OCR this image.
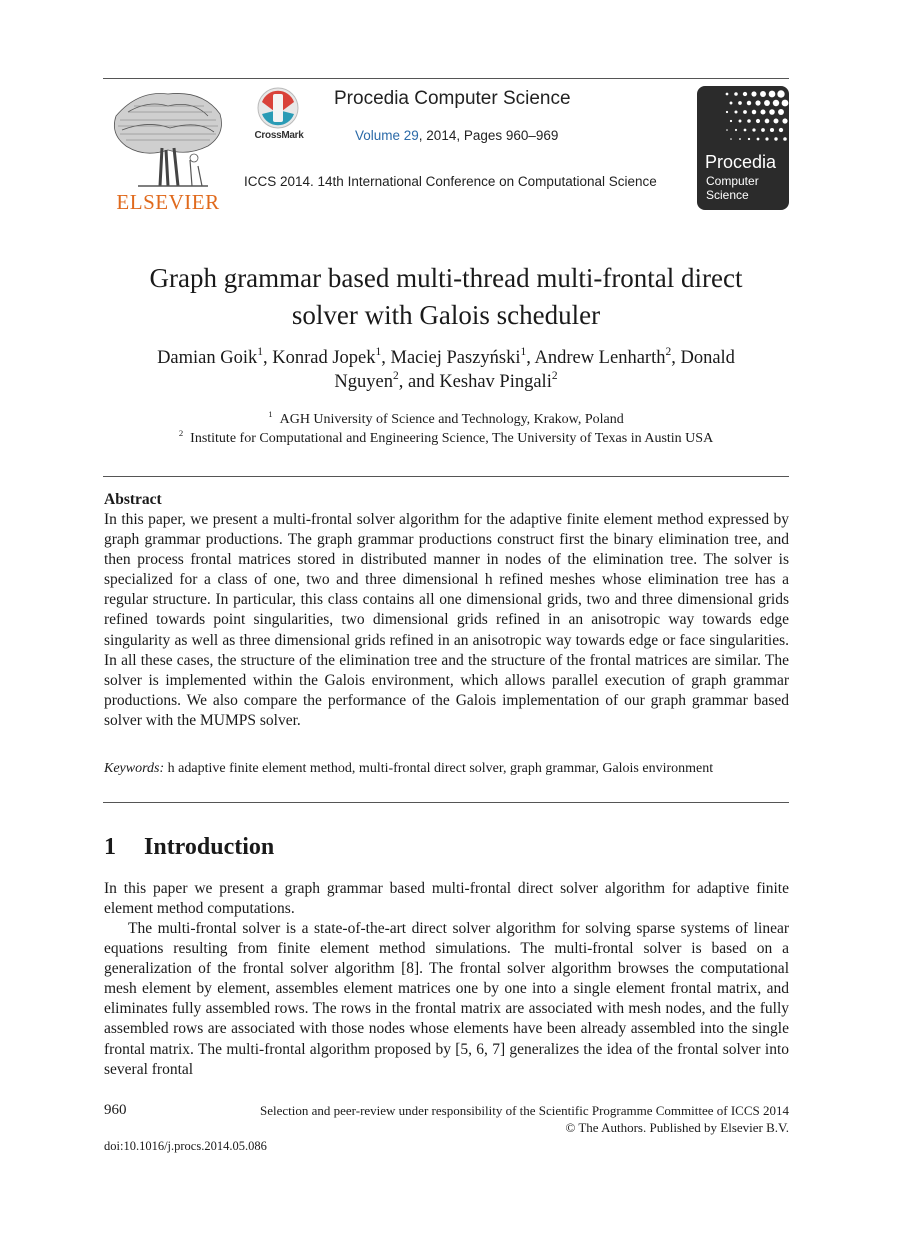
ELSEVIER
CrossMark
Procedia Computer Science
Volume 29, 2014, Pages 960–969
ICCS 2014. 14th International Conference on Computational Science
Procedia
Computer
Science
Graph grammar based multi-thread multi-frontal direct
solver with Galois scheduler
Damian Goik$^1$, Konrad Jopek$^1$, Maciej Paszyński$^1$, Andrew Lenharth$^2$, Donald
Nguyen$^2$, and Keshav Pingali$^2$
$^1$ AGH University of Science and Technology, Krakow, Poland
$^2$ Institute for Computational and Engineering Science, The University of Texas in Austin USA
Abstract

In this paper, we present a multi-frontal solver algorithm for the adaptive finite element method expressed by graph grammar productions. The graph grammar productions construct first the binary elimination tree, and then process frontal matrices stored in distributed manner in nodes of the elimination tree. The solver is specialized for a class of one, two and three dimensional h refined meshes whose elimination tree has a regular structure. In particular, this class contains all one dimensional grids, two and three dimensional grids refined towards point singularities, two dimensional grids refined in an anisotropic way towards edge singularity as well as three dimensional grids refined in an anisotropic way towards edge or face singularities. In all these cases, the structure of the elimination tree and the structure of the frontal matrices are similar. The solver is implemented within the Galois environment, which allows parallel execution of graph grammar productions. We also compare the performance of the Galois implementation of our graph grammar based solver with the MUMPS solver.

Keywords: h adaptive finite element method, multi-frontal direct solver, graph grammar, Galois environment

1 Introduction

In this paper we present a graph grammar based multi-frontal direct solver algorithm for adaptive finite element method computations.

The multi-frontal solver is a state-of-the-art direct solver algorithm for solving sparse systems of linear equations resulting from finite element method simulations. The multi-frontal solver is based on a generalization of the frontal solver algorithm [8]. The frontal solver algorithm browses the computational mesh element by element, assembles element matrices one by one into a single element frontal matrix, and eliminates fully assembled rows. The rows in the frontal matrix are associated with mesh nodes, and the fully assembled rows are associated with those nodes whose elements have been already assembled into the single frontal matrix. The multi-frontal algorithm proposed by [5, 6, 7] generalizes the idea of the frontal solver into several frontal

960	Selection and peer-review under responsibility of the Scientific Programme Committee of ICCS 2014
© The Authors. Published by Elsevier B.V.
doi:10.1016/j.procs.2014.05.086
